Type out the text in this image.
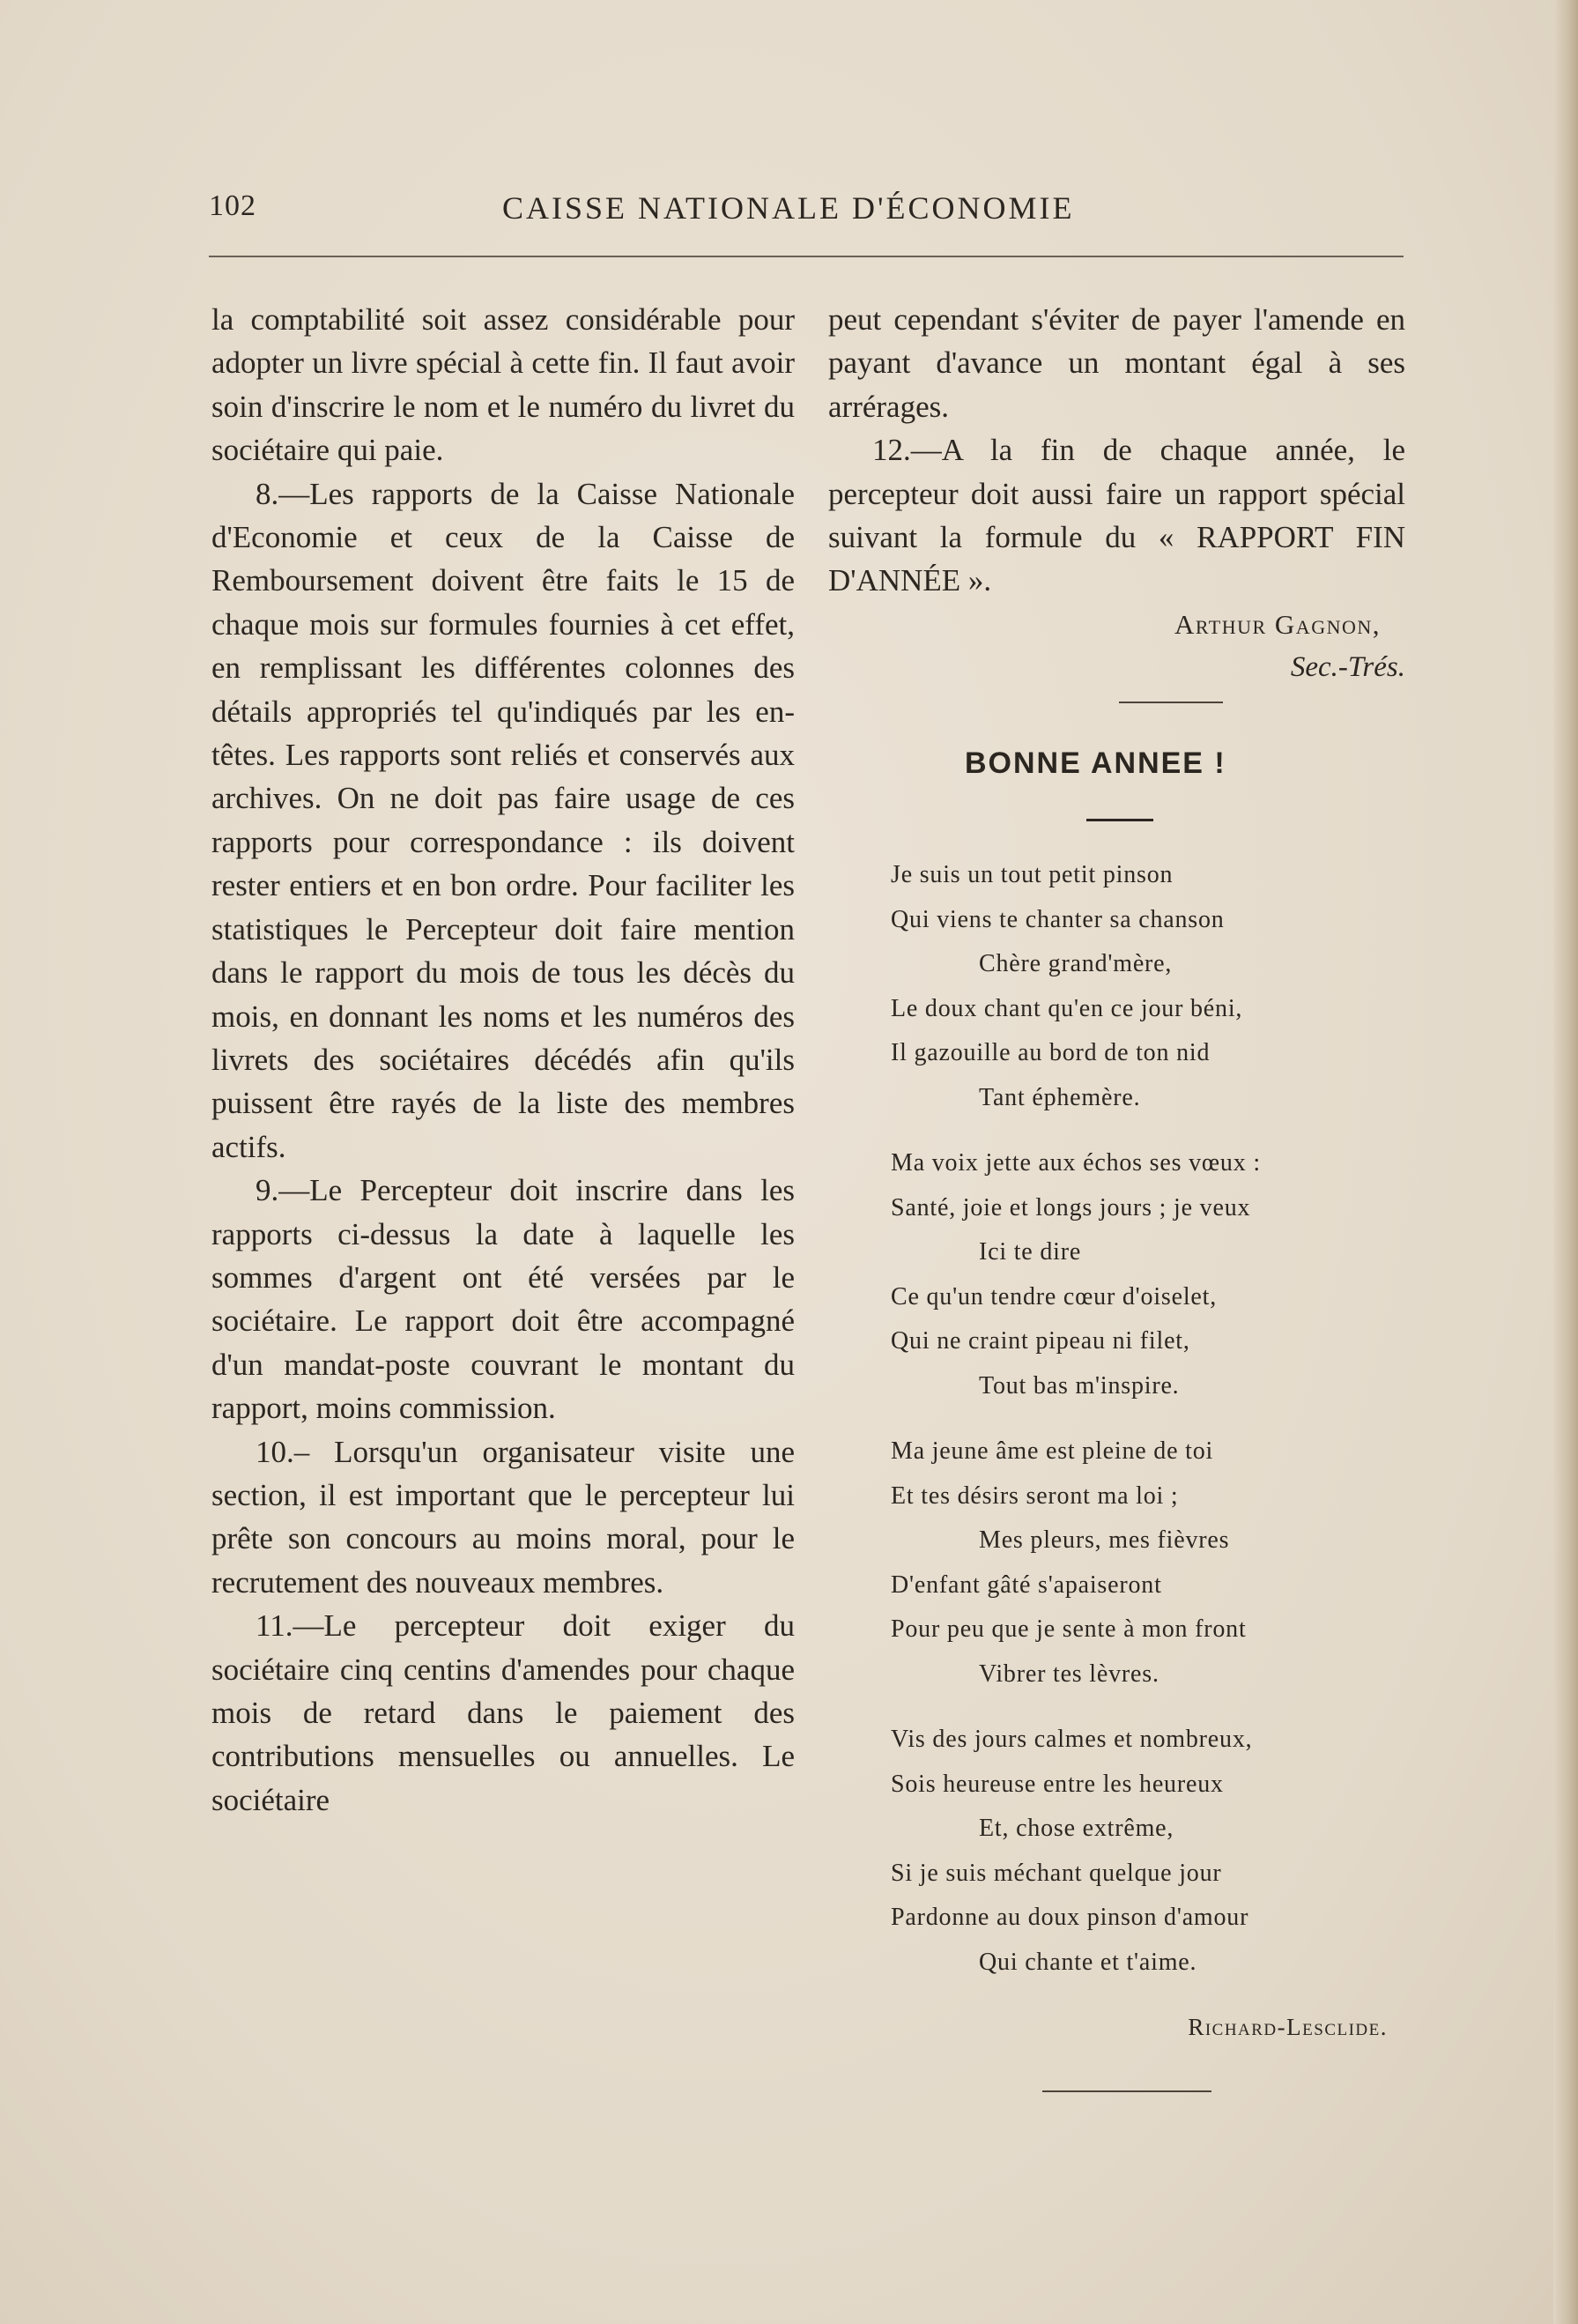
102	CAISSE NATIONALE D'ÉCONOMIE

la comptabilité soit assez considérable pour adopter un livre spécial à cette fin. Il faut avoir soin d'inscrire le nom et le numéro du livret du sociétaire qui paie.

8.—Les rapports de la Caisse Nationale d'Economie et ceux de la Caisse de Remboursement doivent être faits le 15 de chaque mois sur formules fournies à cet effet, en remplissant les différentes colonnes des détails appropriés tel qu'indiqués par les en-têtes. Les rapports sont reliés et conservés aux archives. On ne doit pas faire usage de ces rapports pour correspondance : ils doivent rester entiers et en bon ordre. Pour faciliter les statistiques le Percepteur doit faire mention dans le rapport du mois de tous les décès du mois, en donnant les noms et les numéros des livrets des sociétaires décédés afin qu'ils puissent être rayés de la liste des membres actifs.

9.—Le Percepteur doit inscrire dans les rapports ci-dessus la date à laquelle les sommes d'argent ont été versées par le sociétaire. Le rapport doit être accompagné d'un mandat-poste couvrant le montant du rapport, moins commission.

10.– Lorsqu'un organisateur visite une section, il est important que le percepteur lui prête son concours au moins moral, pour le recrutement des nouveaux membres.

11.—Le percepteur doit exiger du sociétaire cinq centins d'amendes pour chaque mois de retard dans le paiement des contributions mensuelles ou annuelles. Le sociétaire

peut cependant s'éviter de payer l'amende en payant d'avance un montant égal à ses arrérages.

12.—A la fin de chaque année, le percepteur doit aussi faire un rapport spécial suivant la formule du « RAPPORT FIN D'ANNÉE ».

Arthur Gagnon,
Sec.-Trés.
BONNE ANNEE !
Je suis un tout petit pinson
Qui viens te chanter sa chanson
Chère grand'mère,
Le doux chant qu'en ce jour béni,
Il gazouille au bord de ton nid
Tant éphemère.
Ma voix jette aux échos ses vœux :
Santé, joie et longs jours ; je veux
Ici te dire
Ce qu'un tendre cœur d'oiselet,
Qui ne craint pipeau ni filet,
Tout bas m'inspire.
Ma jeune âme est pleine de toi
Et tes désirs seront ma loi ;
Mes pleurs, mes fièvres
D'enfant gâté s'apaiseront
Pour peu que je sente à mon front
Vibrer tes lèvres.
Vis des jours calmes et nombreux,
Sois heureuse entre les heureux
Et, chose extrême,
Si je suis méchant quelque jour
Pardonne au doux pinson d'amour
Qui chante et t'aime.
Richard-Lesclide.
